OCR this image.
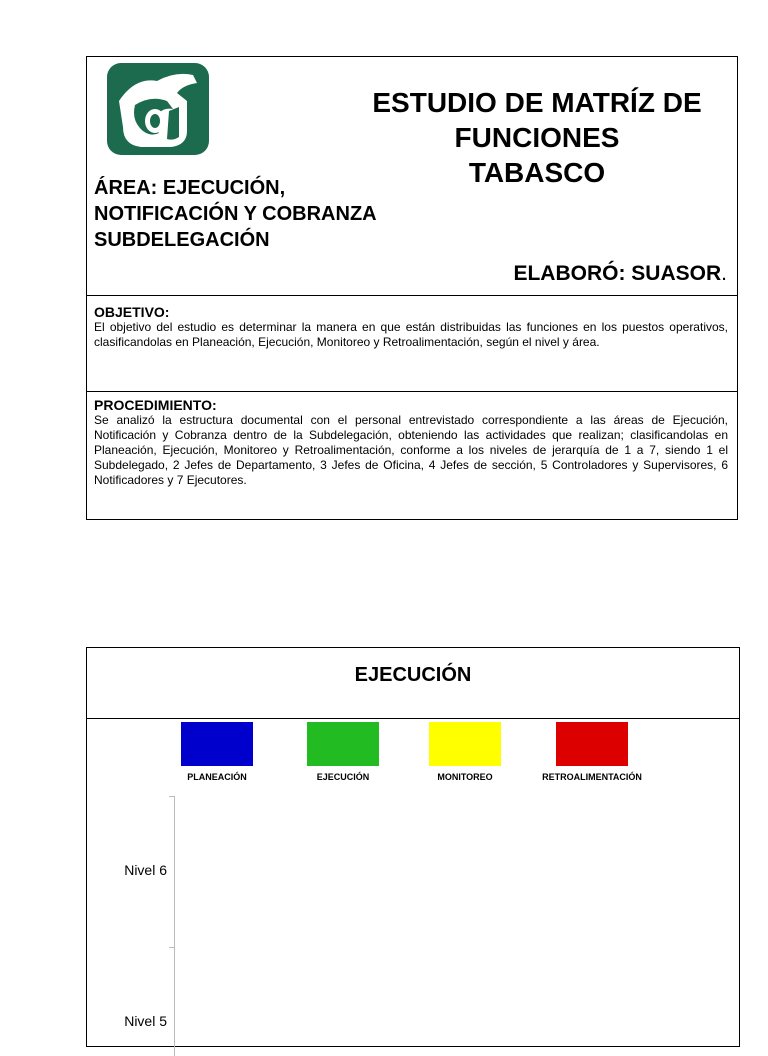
ESTUDIO DE MATRÍZ DE
FUNCIONES
TABASCO
ÁREA: EJECUCIÓN,
NOTIFICACIÓN Y COBRANZA
SUBDELEGACIÓN
ELABORÓ: SUASOR.
OBJETIVO:
El objetivo del estudio es determinar la manera en que están distribuidas las funciones en los puestos operativos, clasificandolas en Planeación, Ejecución, Monitoreo y Retroalimentación, según el nivel y área.
PROCEDIMIENTO:
Se analizó la estructura documental con el personal entrevistado correspondiente a las áreas de Ejecución, Notificación y Cobranza dentro de la Subdelegación, obteniendo las actividades que realizan; clasificandolas en Planeación, Ejecución, Monitoreo y Retroalimentación, conforme a los niveles de jerarquía de 1 a 7, siendo 1 el Subdelegado, 2 Jefes de Departamento, 3 Jefes de Oficina, 4 Jefes de sección, 5 Controladores y Supervisores, 6 Notificadores y 7 Ejecutores.
EJECUCIÓN
PLANEACIÓN	EJECUCIÓN	MONITOREO	RETROALIMENTACIÓN
Nivel 6
Nivel 5
